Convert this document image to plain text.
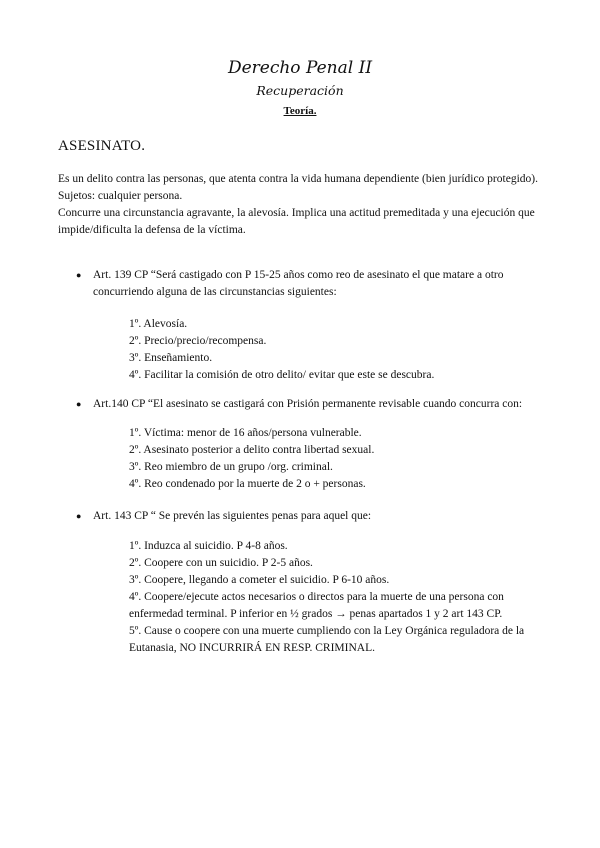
Derecho Penal II
Recuperación
Teoría.
ASESINATO.

Es un delito contra las personas, que atenta contra la vida humana dependiente (bien jurídico protegido).

Sujetos: cualquier persona.

Concurre una circunstancia agravante, la alevosía. Implica una actitud premeditada y una ejecución que impide/dificulta la defensa de la víctima.

● Art. 139 CP “Será castigado con P 15-25 años como reo de asesinato el que matare a otro concurriendo alguna de las circunstancias siguientes:
1º. Alevosía.
2º. Precio/precio/recompensa.
3º. Enseñamiento.
4º. Facilitar la comisión de otro delito/ evitar que este se descubra.
● Art.140 CP “El asesinato se castigará con Prisión permanente revisable cuando concurra con:
1º. Víctima: menor de 16 años/persona vulnerable.
2º. Asesinato posterior a delito contra libertad sexual.
3º. Reo miembro de un grupo /org. criminal.
4º. Reo condenado por la muerte de 2 o + personas.
● Art. 143 CP “ Se prevén las siguientes penas para aquel que:
1º. Induzca al suicidio. P 4-8 años.
2º. Coopere con un suicidio. P 2-5 años.
3º. Coopere, llegando a cometer el suicidio. P 6-10 años.
4º. Coopere/ejecute actos necesarios o directos para la muerte de una persona con enfermedad terminal. P inferior en ½ grados → penas apartados 1 y 2 art 143 CP.
5º. Cause o coopere con una muerte cumpliendo con la Ley Orgánica reguladora de la Eutanasia, NO INCURRIRÁ EN RESP. CRIMINAL.
